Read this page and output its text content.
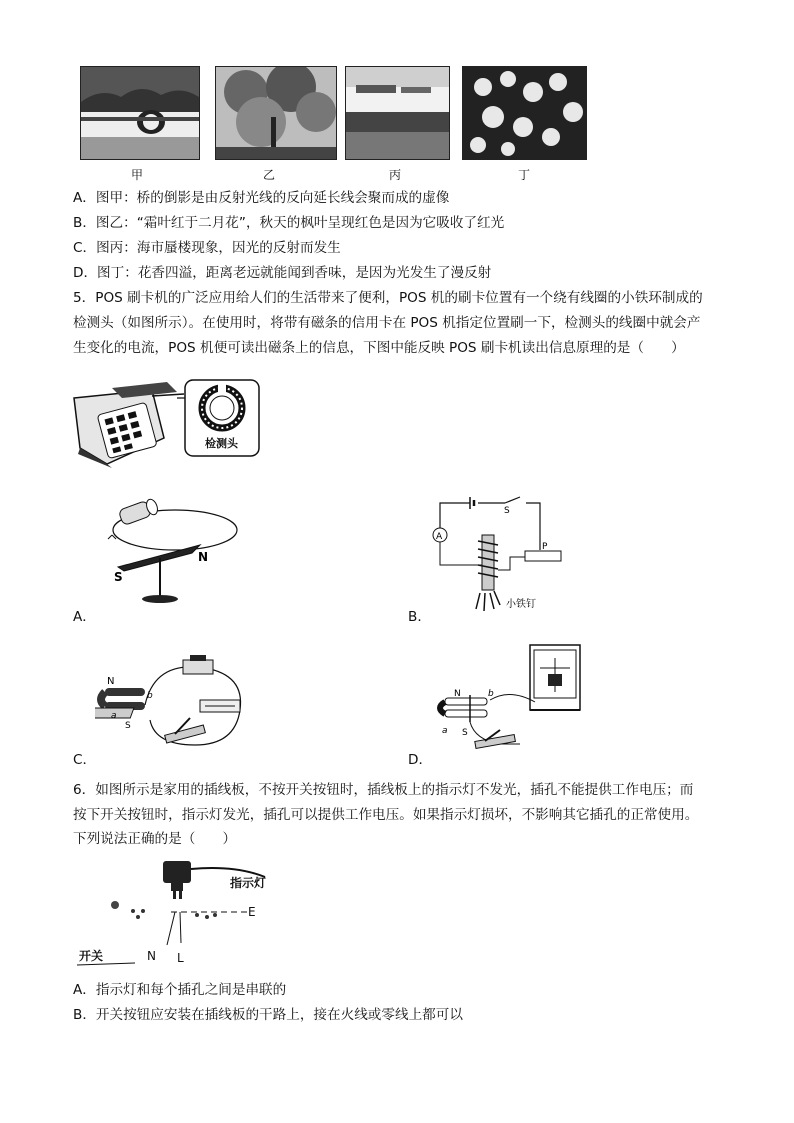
甲	乙	丙	丁
A．图甲：桥的倒影是由反射光线的反向延长线会聚而成的虚像
B．图乙：“霜叶红于二月花”，秋天的枫叶呈现红色是因为它吸收了红光
C．图丙：海市蜃楼现象，因光的反射而发生
D．图丁：花香四溢，距离老远就能闻到香味，是因为光发生了漫反射
5．POS 刷卡机的广泛应用给人们的生活带来了便利，POS 机的刷卡位置有一个绕有线圈的小铁环制成的
检测头（如图所示）。在使用时，将带有磁条的信用卡在 POS 机指定位置刷一下，检测头的线圈中就会产
生变化的电流，POS 机便可读出磁条上的信息，下图中能反映 POS 刷卡机读出信息原理的是（　　）
检测头
S
N
A．
A
P
S
小铁钉
B．
N
S
b
a
C．
N
S
b
a
D．
6．如图所示是家用的插线板，不按开关按钮时，插线板上的指示灯不发光，插孔不能提供工作电压；而
按下开关按钮时，指示灯发光，插孔可以提供工作电压。如果指示灯损坏，不影响其它插孔的正常使用。
下列说法正确的是（　　）
指示灯
开关	N L
E
A．指示灯和每个插孔之间是串联的
B．开关按钮应安装在插线板的干路上，接在火线或零线上都可以
